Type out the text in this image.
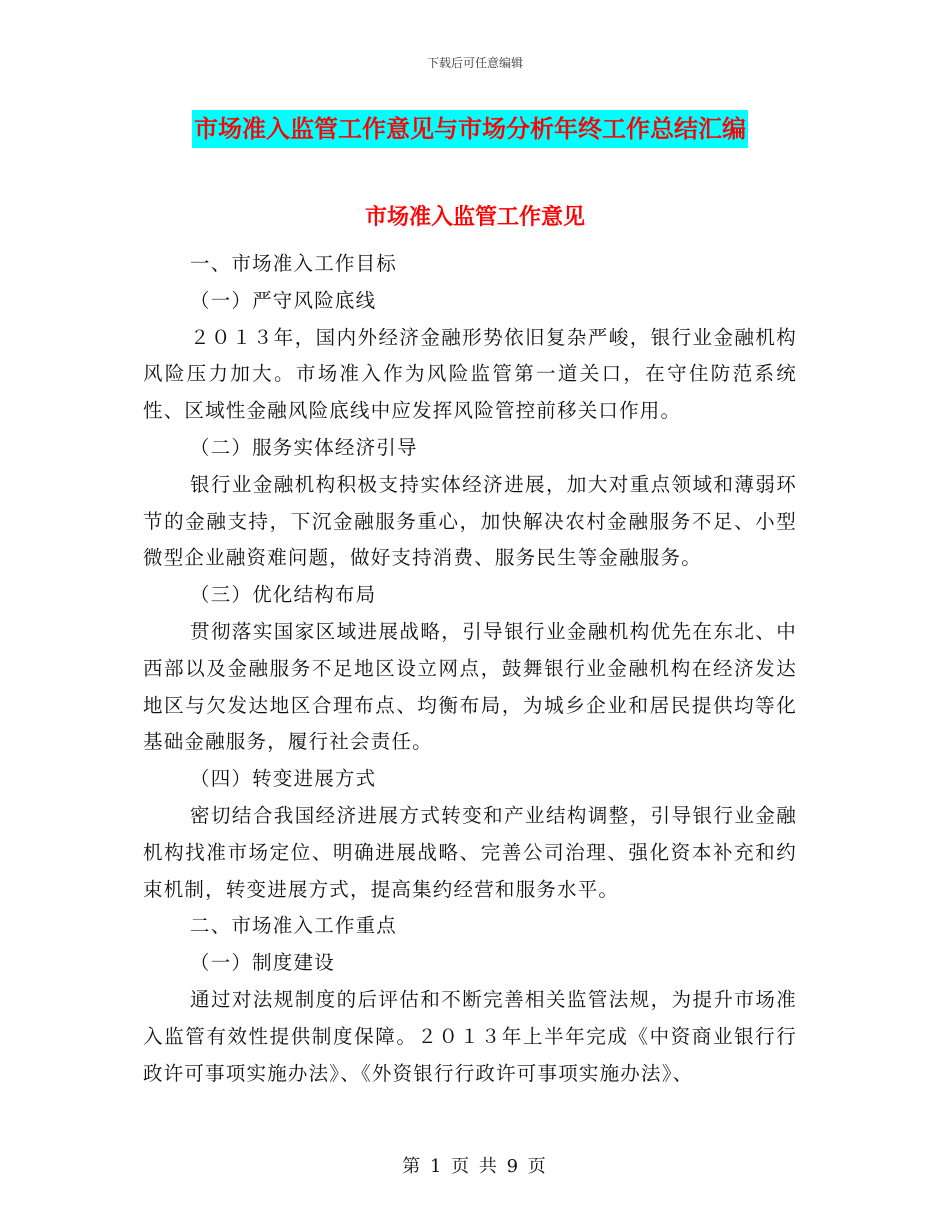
下载后可任意编辑
市场准入监管工作意见与市场分析年终工作总结汇编
市场准入监管工作意见

一、市场准入工作目标

（一）严守风险底线

２０１３年，国内外经济金融形势依旧复杂严峻，银行业金融机构风险压力加大。市场准入作为风险监管第一道关口，在守住防范系统性、区域性金融风险底线中应发挥风险管控前移关口作用。

（二）服务实体经济引导

银行业金融机构积极支持实体经济进展，加大对重点领域和薄弱环节的金融支持，下沉金融服务重心，加快解决农村金融服务不足、小型微型企业融资难问题，做好支持消费、服务民生等金融服务。

（三）优化结构布局

贯彻落实国家区域进展战略，引导银行业金融机构优先在东北、中西部以及金融服务不足地区设立网点，鼓舞银行业金融机构在经济发达地区与欠发达地区合理布点、均衡布局，为城乡企业和居民提供均等化基础金融服务，履行社会责任。

（四）转变进展方式

密切结合我国经济进展方式转变和产业结构调整，引导银行业金融机构找准市场定位、明确进展战略、完善公司治理、强化资本补充和约束机制，转变进展方式，提高集约经营和服务水平。

二、市场准入工作重点

（一）制度建设

通过对法规制度的后评估和不断完善相关监管法规，为提升市场准入监管有效性提供制度保障。２０１３年上半年完成《中资商业银行行政许可事项实施办法》、《外资银行行政许可事项实施办法》、

第 1 页 共 9 页
